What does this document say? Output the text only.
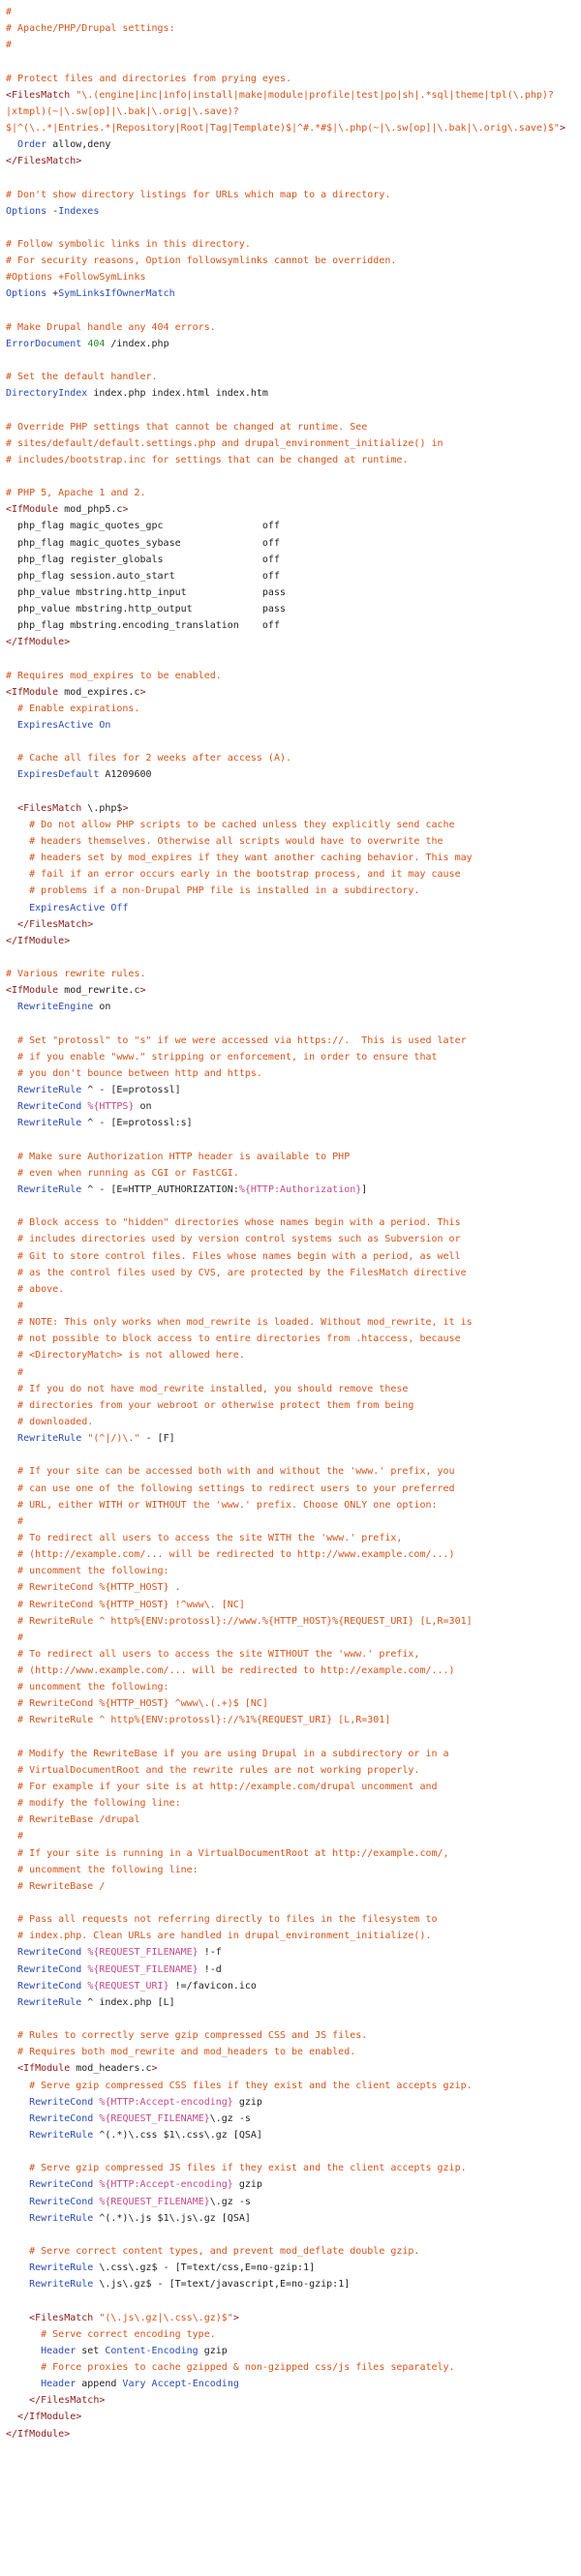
#
# Apache/PHP/Drupal settings:
#

# Protect files and directories from prying eyes.
<FilesMatch "\.(engine|inc|info|install|make|module|profile|test|po|sh|.*sql|theme|tpl(\.php)?
|xtmpl)(~|\.sw[op]|\.bak|\.orig|\.save)?
$|^(\..*|Entries.*|Repository|Root|Tag|Template)$|^#.*#$|\.php(~|\.sw[op]|\.bak|\.orig\.save)$">
Order allow,deny
</FilesMatch>

# Don't show directory listings for URLs which map to a directory.
Options -Indexes

# Follow symbolic links in this directory.
# For security reasons, Option followsymlinks cannot be overridden.
#Options +FollowSymLinks
Options +SymLinksIfOwnerMatch

# Make Drupal handle any 404 errors.
ErrorDocument 404 /index.php

# Set the default handler.
DirectoryIndex index.php index.html index.htm

# Override PHP settings that cannot be changed at runtime. See
# sites/default/default.settings.php and drupal_environment_initialize() in
# includes/bootstrap.inc for settings that can be changed at runtime.

# PHP 5, Apache 1 and 2.
<IfModule mod_php5.c>
php_flag magic_quotes_gpc                 off
php_flag magic_quotes_sybase              off
php_flag register_globals                 off
php_flag session.auto_start               off
php_value mbstring.http_input             pass
php_value mbstring.http_output            pass
php_flag mbstring.encoding_translation    off
</IfModule>

# Requires mod_expires to be enabled.
<IfModule mod_expires.c>
# Enable expirations.
ExpiresActive On

# Cache all files for 2 weeks after access (A).
ExpiresDefault A1209600

<FilesMatch \.php$>
# Do not allow PHP scripts to be cached unless they explicitly send cache
# headers themselves. Otherwise all scripts would have to overwrite the
# headers set by mod_expires if they want another caching behavior. This may
# fail if an error occurs early in the bootstrap process, and it may cause
# problems if a non-Drupal PHP file is installed in a subdirectory.
ExpiresActive Off
</FilesMatch>
</IfModule>

# Various rewrite rules.
<IfModule mod_rewrite.c>
RewriteEngine on

# Set "protossl" to "s" if we were accessed via https://.  This is used later
# if you enable "www." stripping or enforcement, in order to ensure that
# you don't bounce between http and https.
RewriteRule ^ - [E=protossl]
RewriteCond %{HTTPS} on
RewriteRule ^ - [E=protossl:s]

# Make sure Authorization HTTP header is available to PHP
# even when running as CGI or FastCGI.
RewriteRule ^ - [E=HTTP_AUTHORIZATION:%{HTTP:Authorization}]

# Block access to "hidden" directories whose names begin with a period. This
# includes directories used by version control systems such as Subversion or
# Git to store control files. Files whose names begin with a period, as well
# as the control files used by CVS, are protected by the FilesMatch directive
# above.
#
# NOTE: This only works when mod_rewrite is loaded. Without mod_rewrite, it is
# not possible to block access to entire directories from .htaccess, because
# <DirectoryMatch> is not allowed here.
#
# If you do not have mod_rewrite installed, you should remove these
# directories from your webroot or otherwise protect them from being
# downloaded.
RewriteRule "(^|/)\." - [F]

# If your site can be accessed both with and without the 'www.' prefix, you
# can use one of the following settings to redirect users to your preferred
# URL, either WITH or WITHOUT the 'www.' prefix. Choose ONLY one option:
#
# To redirect all users to access the site WITH the 'www.' prefix,
# (http://example.com/... will be redirected to http://www.example.com/...)
# uncomment the following:
# RewriteCond %{HTTP_HOST} .
# RewriteCond %{HTTP_HOST} !^www\. [NC]
# RewriteRule ^ http%{ENV:protossl}://www.%{HTTP_HOST}%{REQUEST_URI} [L,R=301]
#
# To redirect all users to access the site WITHOUT the 'www.' prefix,
# (http://www.example.com/... will be redirected to http://example.com/...)
# uncomment the following:
# RewriteCond %{HTTP_HOST} ^www\.(.+)$ [NC]
# RewriteRule ^ http%{ENV:protossl}://%1%{REQUEST_URI} [L,R=301]

# Modify the RewriteBase if you are using Drupal in a subdirectory or in a
# VirtualDocumentRoot and the rewrite rules are not working properly.
# For example if your site is at http://example.com/drupal uncomment and
# modify the following line:
# RewriteBase /drupal
#
# If your site is running in a VirtualDocumentRoot at http://example.com/,
# uncomment the following line:
# RewriteBase /

# Pass all requests not referring directly to files in the filesystem to
# index.php. Clean URLs are handled in drupal_environment_initialize().
RewriteCond %{REQUEST_FILENAME} !-f
RewriteCond %{REQUEST_FILENAME} !-d
RewriteCond %{REQUEST_URI} !=/favicon.ico
RewriteRule ^ index.php [L]

# Rules to correctly serve gzip compressed CSS and JS files.
# Requires both mod_rewrite and mod_headers to be enabled.
<IfModule mod_headers.c>
# Serve gzip compressed CSS files if they exist and the client accepts gzip.
RewriteCond %{HTTP:Accept-encoding} gzip
RewriteCond %{REQUEST_FILENAME}\.gz -s
RewriteRule ^(.*)\.css $1\.css\.gz [QSA]

# Serve gzip compressed JS files if they exist and the client accepts gzip.
RewriteCond %{HTTP:Accept-encoding} gzip
RewriteCond %{REQUEST_FILENAME}\.gz -s
RewriteRule ^(.*)\.js $1\.js\.gz [QSA]

# Serve correct content types, and prevent mod_deflate double gzip.
RewriteRule \.css\.gz$ - [T=text/css,E=no-gzip:1]
RewriteRule \.js\.gz$ - [T=text/javascript,E=no-gzip:1]

<FilesMatch "(\.js\.gz|\.css\.gz)$">
# Serve correct encoding type.
Header set Content-Encoding gzip
# Force proxies to cache gzipped & non-gzipped css/js files separately.
Header append Vary Accept-Encoding
</FilesMatch>
</IfModule>
</IfModule>
